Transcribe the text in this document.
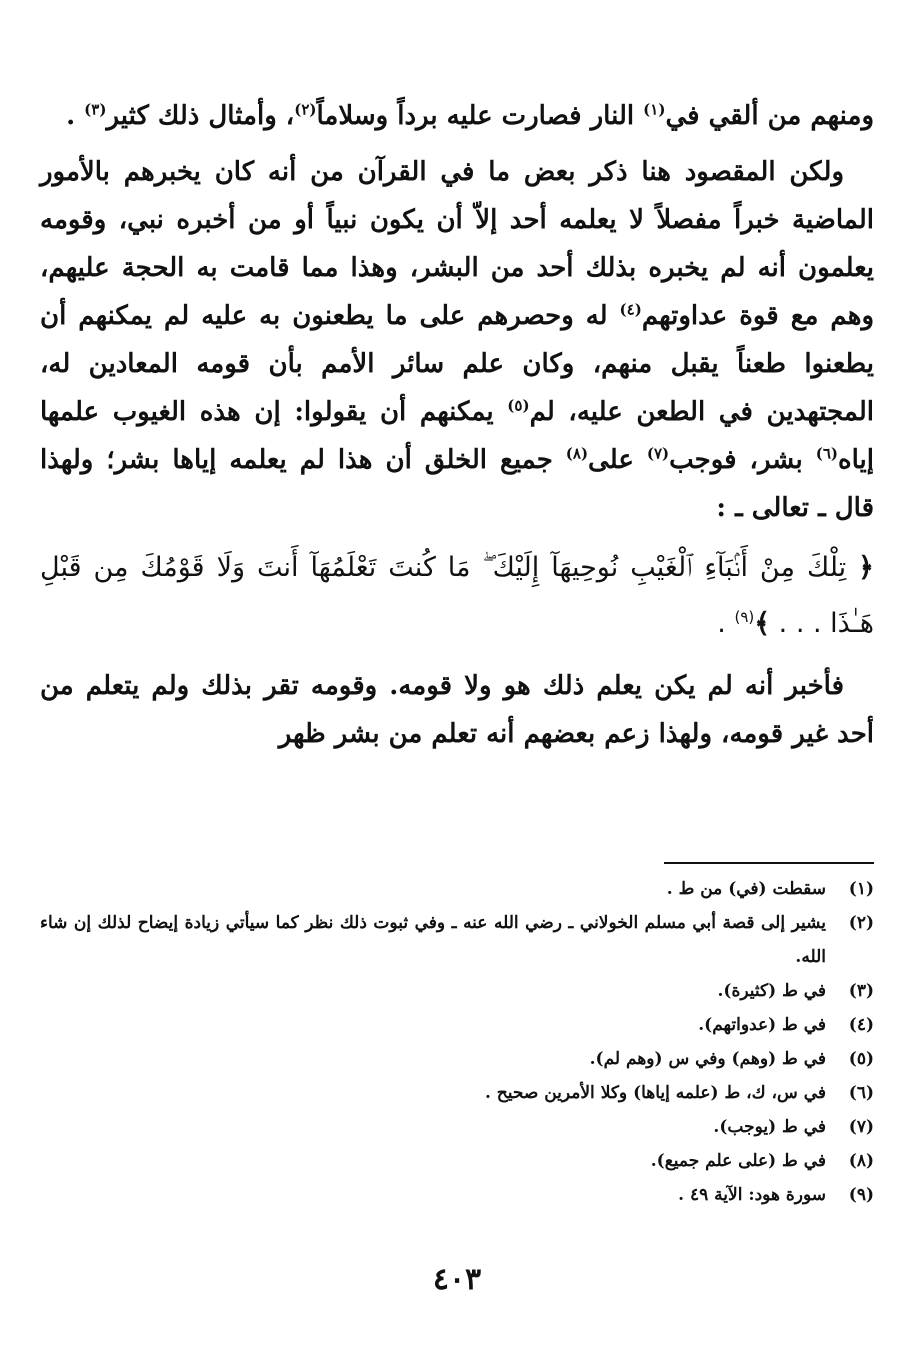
ومنهم من ألقي في$^{(١)}$ النار فصارت عليه برداً وسلاماً$^{(٢)}$، وأمثال ذلك كثير$^{(٣)}$ .

ولكن المقصود هنا ذكر بعض ما في القرآن من أنه كان يخبرهم بالأمور الماضية خبراً مفصلاً لا يعلمه أحد إلاّ أن يكون نبياً أو من أخبره نبي، وقومه يعلمون أنه لم يخبره بذلك أحد من البشر، وهذا مما قامت به الحجة عليهم، وهم مع قوة عداوتهم$^{(٤)}$ له وحصرهم على ما يطعنون به عليه لم يمكنهم أن يطعنوا طعناً يقبل منهم، وكان علم سائر الأمم بأن قومه المعادين له، المجتهدين في الطعن عليه، لم$^{(٥)}$ يمكنهم أن يقولوا: إن هذه الغيوب علمها إياه$^{(٦)}$ بشر، فوجب$^{(٧)}$ على$^{(٨)}$ جميع الخلق أن هذا لم يعلمه إياها بشر؛ ولهذا قال ـ تعالى ـ :

﴿ تِلْكَ مِنْ أَنۢبَآءِ ٱلْغَيْبِ نُوحِيهَآ إِلَيْكَ ۖ مَا كُنتَ تَعْلَمُهَآ أَنتَ وَلَا قَوْمُكَ مِن قَبْلِ هَـٰذَا . . . ﴾$^{(٩)}$ .

فأخبر أنه لم يكن يعلم ذلك هو ولا قومه. وقومه تقر بذلك ولم يتعلم من أحد غير قومه، ولهذا زعم بعضهم أنه تعلم من بشر ظهر

(١)
سقطت (في) من ط .
(٢)
يشير إلى قصة أبي مسلم الخولاني ـ رضي الله عنه ـ وفي ثبوت ذلك نظر كما سيأتي زيادة إيضاح لذلك إن شاء الله.
(٣)
في ط (كثيرة).
(٤)
في ط (عدواتهم).
(٥)
في ط (وهم) وفي س (وهم لم).
(٦)
في س، ك، ط (علمه إياها) وكلا الأمرين صحيح .
(٧)
في ط (يوجب).
(٨)
في ط (على علم جميع).
(٩)
سورة هود: الآية ٤٩ .
٤٠٣
